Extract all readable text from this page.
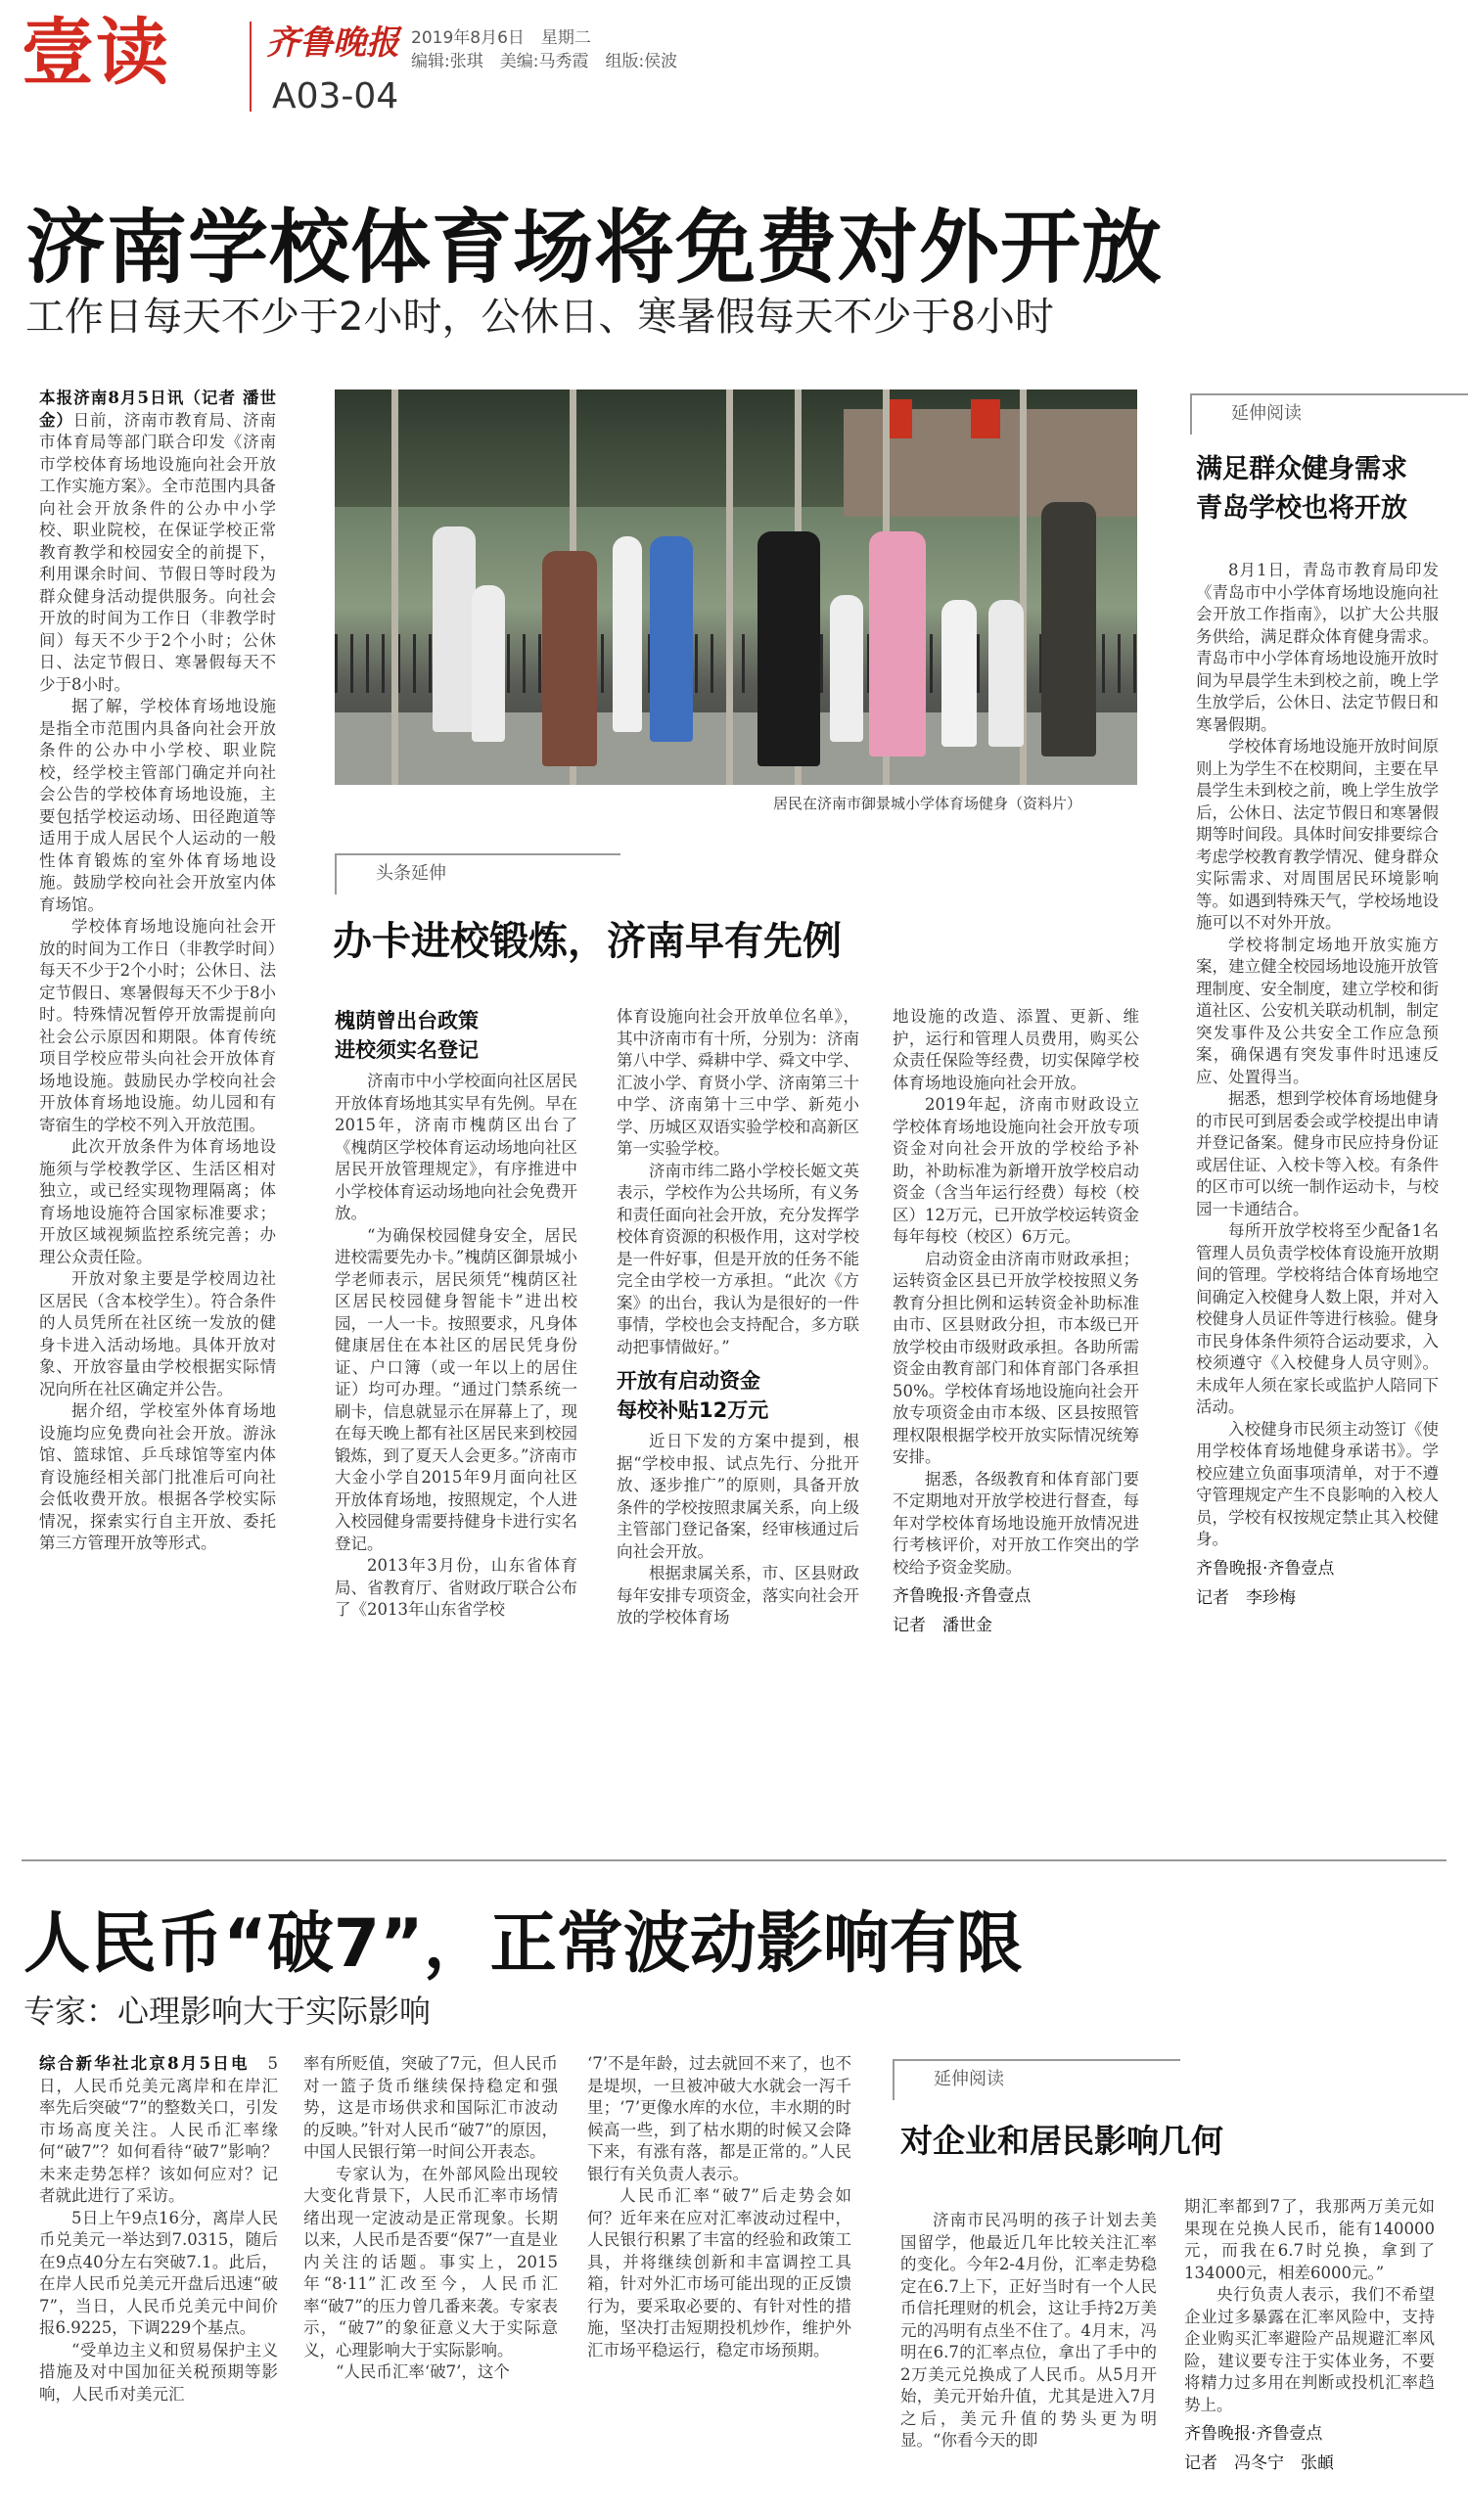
壹读	齐鲁晚报 2019年8月6日　星期二
编辑:张琪　美编:马秀霞　组版:侯波
A03-04
济南学校体育场将免费对外开放
工作日每天不少于2小时，公休日、寒暑假每天不少于8小时

本报济南8月5日讯（记者 潘世金）日前，济南市教育局、济南市体育局等部门联合印发《济南市学校体育场地设施向社会开放工作实施方案》。全市范围内具备向社会开放条件的公办中小学校、职业院校，在保证学校正常教育教学和校园安全的前提下，利用课余时间、节假日等时段为群众健身活动提供服务。向社会开放的时间为工作日（非教学时间）每天不少于2个小时；公休日、法定节假日、寒暑假每天不少于8小时。

据了解，学校体育场地设施是指全市范围内具备向社会开放条件的公办中小学校、职业院校，经学校主管部门确定并向社会公告的学校体育场地设施，主要包括学校运动场、田径跑道等适用于成人居民个人运动的一般性体育锻炼的室外体育场地设施。鼓励学校向社会开放室内体育场馆。

学校体育场地设施向社会开放的时间为工作日（非教学时间）每天不少于2个小时；公休日、法定节假日、寒暑假每天不少于8小时。特殊情况暂停开放需提前向社会公示原因和期限。体育传统项目学校应带头向社会开放体育场地设施。鼓励民办学校向社会开放体育场地设施。幼儿园和有寄宿生的学校不列入开放范围。

此次开放条件为体育场地设施须与学校教学区、生活区相对独立，或已经实现物理隔离；体育场地设施符合国家标准要求；开放区域视频监控系统完善；办理公众责任险。

开放对象主要是学校周边社区居民（含本校学生）。符合条件的人员凭所在社区统一发放的健身卡进入活动场地。具体开放对象、开放容量由学校根据实际情况向所在社区确定并公告。

据介绍，学校室外体育场地设施均应免费向社会开放。游泳馆、篮球馆、乒乓球馆等室内体育设施经相关部门批准后可向社会低收费开放。根据各学校实际情况，探索实行自主开放、委托第三方管理开放等形式。

居民在济南市御景城小学体育场健身（资料片）
延伸阅读
满足群众健身需求
青岛学校也将开放

8月1日，青岛市教育局印发《青岛市中小学体育场地设施向社会开放工作指南》，以扩大公共服务供给，满足群众体育健身需求。青岛市中小学体育场地设施开放时间为早晨学生未到校之前，晚上学生放学后，公休日、法定节假日和寒暑假期。

学校体育场地设施开放时间原则上为学生不在校期间，主要在早晨学生未到校之前，晚上学生放学后，公休日、法定节假日和寒暑假期等时间段。具体时间安排要综合考虑学校教育教学情况、健身群众实际需求、对周围居民环境影响等。如遇到特殊天气，学校场地设施可以不对外开放。

学校将制定场地开放实施方案，建立健全校园场地设施开放管理制度、安全制度，建立学校和街道社区、公安机关联动机制，制定突发事件及公共安全工作应急预案，确保遇有突发事件时迅速反应、处置得当。

据悉，想到学校体育场地健身的市民可到居委会或学校提出申请并登记备案。健身市民应持身份证或居住证、入校卡等入校。有条件的区市可以统一制作运动卡，与校园一卡通结合。

每所开放学校将至少配备1名管理人员负责学校体育设施开放期间的管理。学校将结合体育场地空间确定入校健身人数上限，并对入校健身人员证件等进行核验。健身市民身体条件须符合运动要求，入校须遵守《入校健身人员守则》。未成年人须在家长或监护人陪同下活动。

入校健身市民须主动签订《使用学校体育场地健身承诺书》。学校应建立负面事项清单，对于不遵守管理规定产生不良影响的入校人员，学校有权按规定禁止其入校健身。

齐鲁晚报·齐鲁壹点
记者　李珍梅
头条延伸
办卡进校锻炼，济南早有先例
槐荫曾出台政策
进校须实名登记

济南市中小学校面向社区居民开放体育场地其实早有先例。早在2015年，济南市槐荫区出台了《槐荫区学校体育运动场地向社区居民开放管理规定》，有序推进中小学校体育运动场地向社会免费开放。

“为确保校园健身安全，居民进校需要先办卡。”槐荫区御景城小学老师表示，居民须凭“槐荫区社区居民校园健身智能卡”进出校园，一人一卡。按照要求，凡身体健康居住在本社区的居民凭身份证、户口簿（或一年以上的居住证）均可办理。“通过门禁系统一刷卡，信息就显示在屏幕上了，现在每天晚上都有社区居民来到校园锻炼，到了夏天人会更多。”济南市大金小学自2015年9月面向社区开放体育场地，按照规定，个人进入校园健身需要持健身卡进行实名登记。

2013年3月份，山东省体育局、省教育厅、省财政厅联合公布了《2013年山东省学校

体育设施向社会开放单位名单》，其中济南市有十所，分别为：济南第八中学、舜耕中学、舜文中学、汇波小学、育贤小学、济南第三十中学、济南第十三中学、新苑小学、历城区双语实验学校和高新区第一实验学校。

济南市纬二路小学校长姬文英表示，学校作为公共场所，有义务和责任面向社会开放，充分发挥学校体育资源的积极作用，这对学校是一件好事，但是开放的任务不能完全由学校一方承担。“此次《方案》的出台，我认为是很好的一件事情，学校也会支持配合，多方联动把事情做好。”

开放有启动资金
每校补贴12万元

近日下发的方案中提到，根据“学校申报、试点先行、分批开放、逐步推广”的原则，具备开放条件的学校按照隶属关系，向上级主管部门登记备案，经审核通过后向社会开放。

根据隶属关系，市、区县财政每年安排专项资金，落实向社会开放的学校体育场

地设施的改造、添置、更新、维护，运行和管理人员费用，购买公众责任保险等经费，切实保障学校体育场地设施向社会开放。

2019年起，济南市财政设立学校体育场地设施向社会开放专项资金对向社会开放的学校给予补助，补助标准为新增开放学校启动资金（含当年运行经费）每校（校区）12万元，已开放学校运转资金每年每校（校区）6万元。

启动资金由济南市财政承担；运转资金区县已开放学校按照义务教育分担比例和运转资金补助标准由市、区县财政分担，市本级已开放学校由市级财政承担。各助所需资金由教育部门和体育部门各承担50%。学校体育场地设施向社会开放专项资金由市本级、区县按照管理权限根据学校开放实际情况统筹安排。

据悉，各级教育和体育部门要不定期地对开放学校进行督查，每年对学校体育场地设施开放情况进行考核评价，对开放工作突出的学校给予资金奖励。

齐鲁晚报·齐鲁壹点
记者　潘世金
人民币“破7”，正常波动影响有限
专家：心理影响大于实际影响

综合新华社北京8月5日电　 5日，人民币兑美元离岸和在岸汇率先后突破“7”的整数关口，引发市场高度关注。人民币汇率缘何“破7”？如何看待“破7”影响？未来走势怎样？该如何应对？记者就此进行了采访。

5日上午9点16分，离岸人民币兑美元一举达到7.0315，随后在9点40分左右突破7.1。此后，在岸人民币兑美元开盘后迅速“破7”，当日，人民币兑美元中间价报6.9225，下调229个基点。

“受单边主义和贸易保护主义措施及对中国加征关税预期等影响，人民币对美元汇

率有所贬值，突破了7元，但人民币对一篮子货币继续保持稳定和强势，这是市场供求和国际汇市波动的反映。”针对人民币“破7”的原因，中国人民银行第一时间公开表态。

专家认为，在外部风险出现较大变化背景下，人民币汇率市场情绪出现一定波动是正常现象。长期以来，人民币是否要“保7”一直是业内关注的话题。事实上，2015年“8·11”汇改至今，人民币汇率“破7”的压力曾几番来袭。专家表示，“破7”的象征意义大于实际意义，心理影响大于实际影响。

“人民币汇率‘破7’，这个

‘7’不是年龄，过去就回不来了，也不是堤坝，一旦被冲破大水就会一泻千里；‘7’更像水库的水位，丰水期的时候高一些，到了枯水期的时候又会降下来，有涨有落，都是正常的。”人民银行有关负责人表示。

人民币汇率“破7”后走势会如何？近年来在应对汇率波动过程中，人民银行积累了丰富的经验和政策工具，并将继续创新和丰富调控工具箱，针对外汇市场可能出现的正反馈行为，要采取必要的、有针对性的措施，坚决打击短期投机炒作，维护外汇市场平稳运行，稳定市场预期。

延伸阅读
对企业和居民影响几何

济南市民冯明的孩子计划去美国留学，他最近几年比较关注汇率的变化。今年2-4月份，汇率走势稳定在6.7上下，正好当时有一个人民币信托理财的机会，这让手持2万美元的冯明有点坐不住了。4月末，冯明在6.7的汇率点位，拿出了手中的2万美元兑换成了人民币。从5月开始，美元开始升值，尤其是进入7月之后，美元升值的势头更为明显。“你看今天的即

期汇率都到7了，我那两万美元如果现在兑换人民币，能有140000元，而我在6.7时兑换，拿到了134000元，相差6000元。”

央行负责人表示，我们不希望企业过多暴露在汇率风险中，支持企业购买汇率避险产品规避汇率风险，建议要专注于实体业务，不要将精力过多用在判断或投机汇率趋势上。

齐鲁晚报·齐鲁壹点
记者　冯冬宁　张頔
